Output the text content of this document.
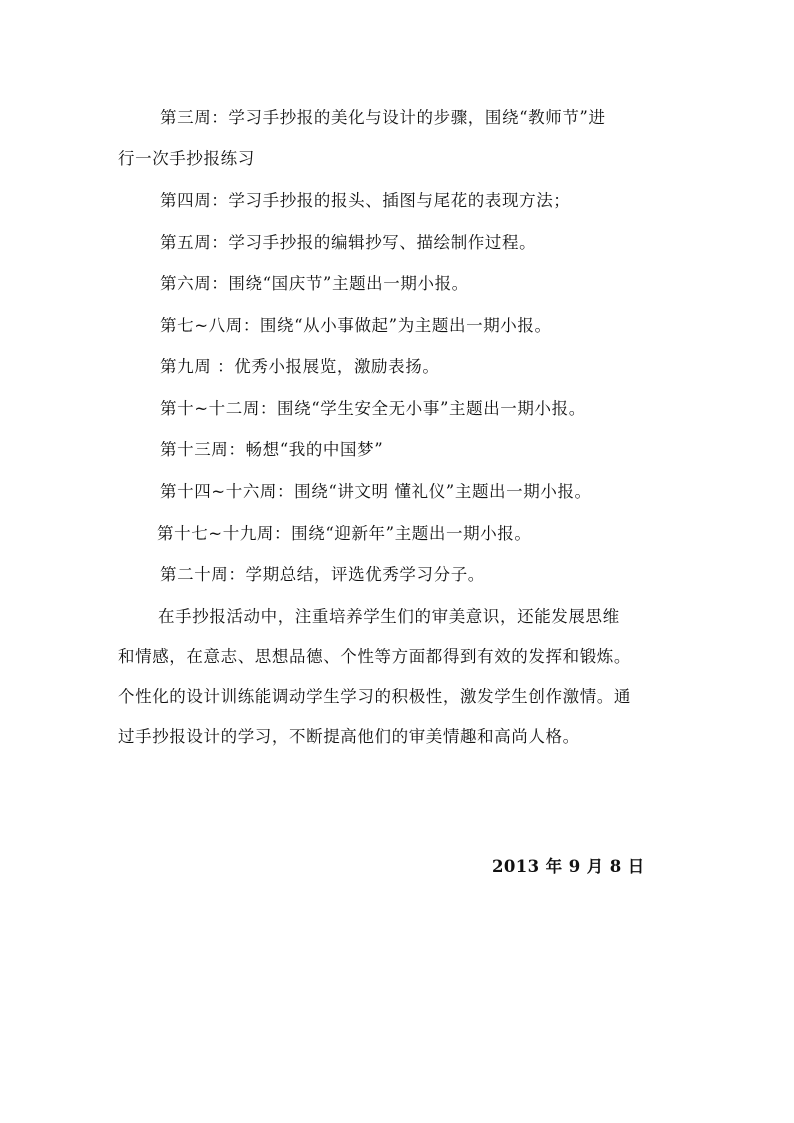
第三周：学习手抄报的美化与设计的步骤，围绕“教师节”进
行一次手抄报练习
第四周：学习手抄报的报头、插图与尾花的表现方法；
第五周：学习手抄报的编辑抄写、描绘制作过程。
第六周：围绕“国庆节”主题出一期小报。
第七~八周：围绕“从小事做起”为主题出一期小报。
第九周 ：优秀小报展览，激励表扬。
第十~十二周：围绕“学生安全无小事”主题出一期小报。
第十三周：畅想“我的中国梦”
第十四~十六周：围绕“讲文明 懂礼仪”主题出一期小报。
第十七~十九周：围绕“迎新年”主题出一期小报。
第二十周：学期总结，评选优秀学习分子。
在手抄报活动中，注重培养学生们的审美意识，还能发展思维
和情感，在意志、思想品德、个性等方面都得到有效的发挥和锻炼。
个性化的设计训练能调动学生学习的积极性，激发学生创作激情。通
过手抄报设计的学习，不断提高他们的审美情趣和高尚人格。
2013 年 9 月 8 日
